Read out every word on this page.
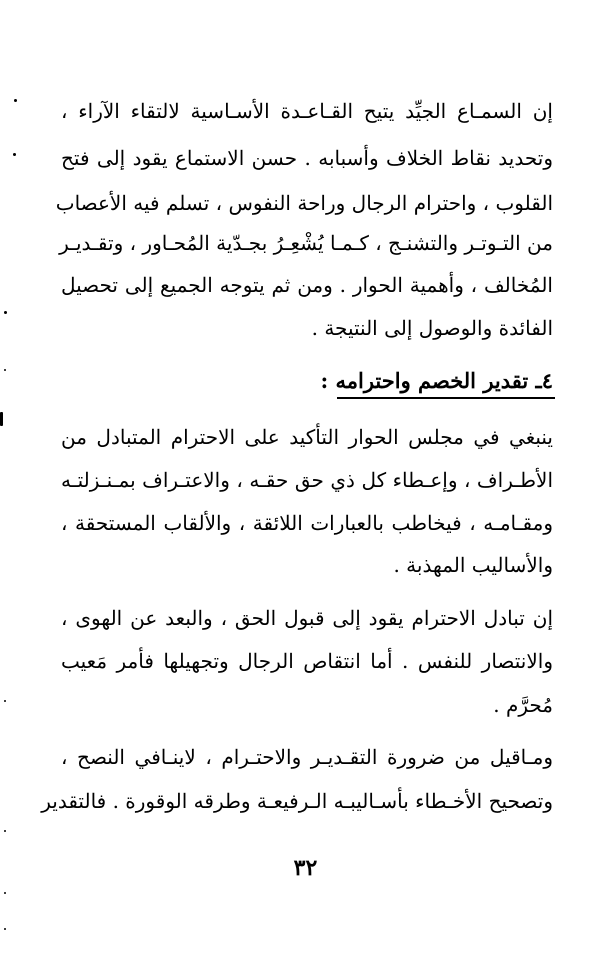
إن السمـاع الجيِّد يتيح القـاعـدة الأسـاسية لالتقاء الآراء ،
وتحديد نقاط الخلاف وأسبابه . حسن الاستماع يقود إلى فتح
القلوب ، واحترام الرجال وراحة النفوس ، تسلم فيه الأعصاب
من التـوتـر والتشنـج ، كـمـا يُشْعِـرُ بجـدّية المُحـاور ، وتقـديـر
المُخالف ، وأهمية الحوار . ومن ثم يتوجه الجميع إلى تحصيل
الفائدة والوصول إلى النتيجة .
٤ـ تقدير الخصم واحترامه :
ينبغي في مجلس الحوار التأكيد على الاحترام المتبادل من
الأطـراف ، وإعـطاء كل ذي حق حقـه ، والاعتـراف بمـنـزلتـه
ومقـامـه ، فيخاطب بالعبارات اللائقة ، والألقاب المستحقة ،
والأساليب المهذبة .
إن تبادل الاحترام يقود إلى قبول الحق ، والبعد عن الهوى ،
والانتصار للنفس . أما انتقاص الرجال وتجهيلها فأمر مَعيب
مُحرَّم .
ومـاقيل من ضرورة التقـديـر والاحتـرام ، لاينـافي النصح ،
وتصحيح الأخـطاء بأسـاليبـه الـرفيعـة وطرقه الوقورة . فالتقدير
٣٢
